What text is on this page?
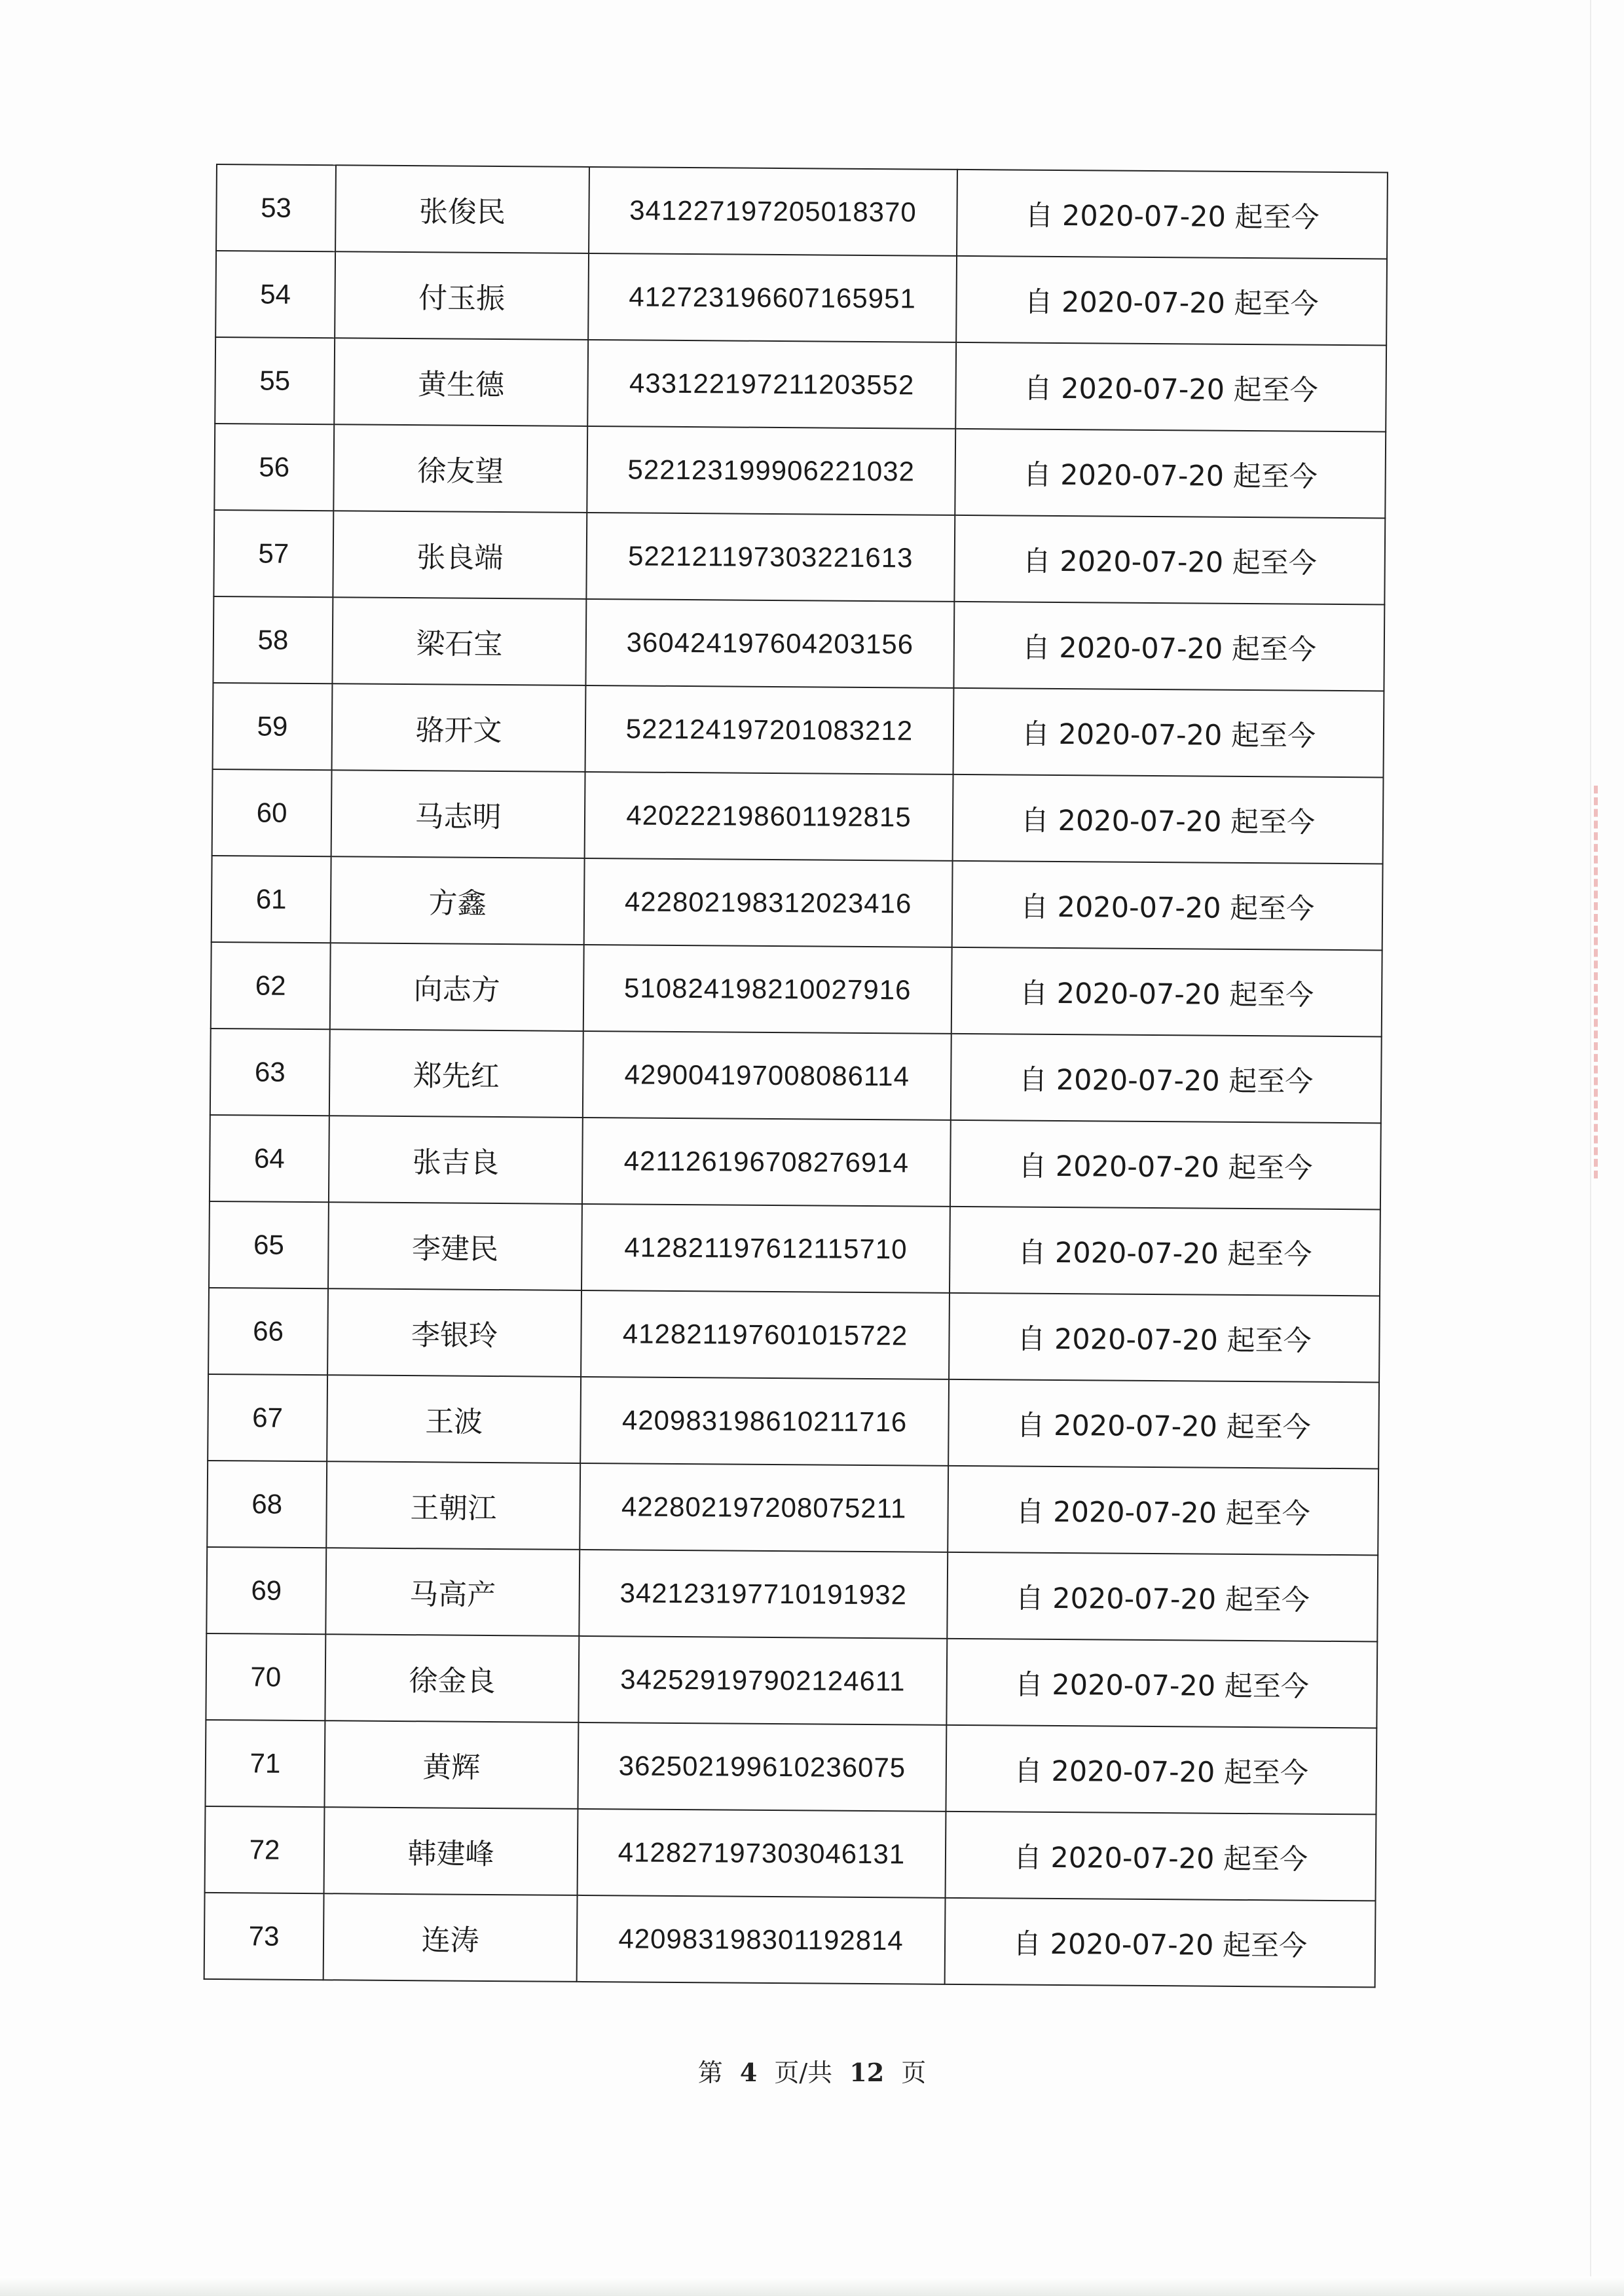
53	张俊民	341227197205018370	自 2020-07-20 起至今
54	付玉振	412723196607165951	自 2020-07-20 起至今
55	黄生德	433122197211203552	自 2020-07-20 起至今
56	徐友望	522123199906221032	自 2020-07-20 起至今
57	张良端	522121197303221613	自 2020-07-20 起至今
58	梁石宝	360424197604203156	自 2020-07-20 起至今
59	骆开文	522124197201083212	自 2020-07-20 起至今
60	马志明	420222198601192815	自 2020-07-20 起至今
61	方鑫	422802198312023416	自 2020-07-20 起至今
62	向志方	510824198210027916	自 2020-07-20 起至今
63	郑先红	429004197008086114	自 2020-07-20 起至今
64	张吉良	421126196708276914	自 2020-07-20 起至今
65	李建民	412821197612115710	自 2020-07-20 起至今
66	李银玲	412821197601015722	自 2020-07-20 起至今
67	王波	420983198610211716	自 2020-07-20 起至今
68	王朝江	422802197208075211	自 2020-07-20 起至今
69	马高产	342123197710191932	自 2020-07-20 起至今
70	徐金良	342529197902124611	自 2020-07-20 起至今
71	黄辉	362502199610236075	自 2020-07-20 起至今
72	韩建峰	412827197303046131	自 2020-07-20 起至今
73	连涛	420983198301192814	自 2020-07-20 起至今
第 4 页/共 12 页
